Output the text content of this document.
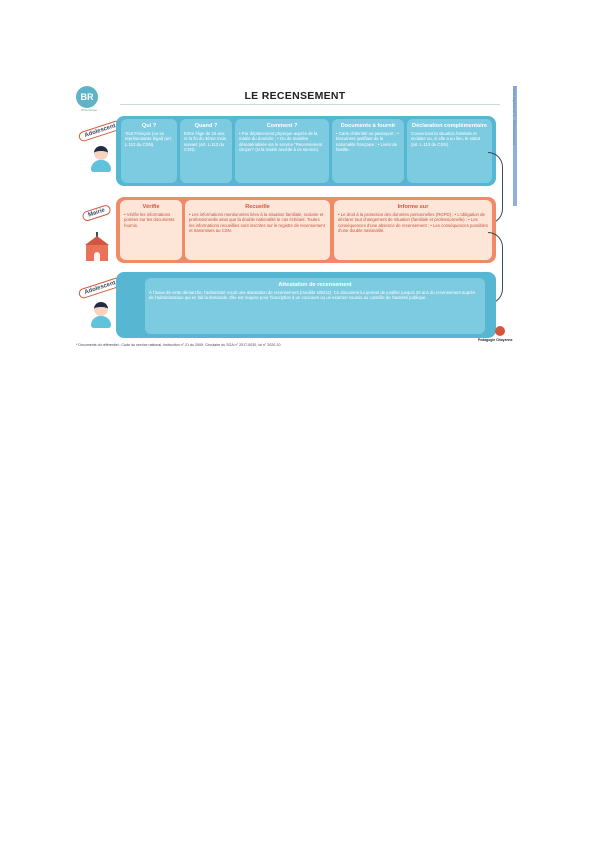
BR
bibliothèque
LE RECENSEMENT	Fiche repère n° 1 · Recensement
Adolescent	Qui ?

Tout Français (ou sa représentante légal) (art. L.113 du CSN).

Quand ?

Entre l'âge de 16 ans et la fin du 3ème mois suivant (art. L.113 du CSN).

Comment ?

• Par déplacement physique auprès de la mairie du domicile ; • Ou de manière dématérialisée via le service "Recensement citoyen" (si la mairie accède à ce service).

Documents à fournir

• Carte d'identité ou passeport ; • Document justifiant de la nationalité française ; • Livret de famille.

Déclaration complémentaire

Concernant la situation familiale et scolaire ou, si elle a eu lieu, le statut (art. L.113 du CSN).

Mairie
Vérifie

• Vérifie les informations portées sur les documents fournis.

Recueille

• Les informations mentionnées liées à la situation familiale, scolaire et professionnelle ainsi que la double nationalité le cas échéant. Toutes les informations recueillies sont inscrites sur le registre de recensement et transmises au CSN.

Informe sur

• Le droit à la protection des données personnelles (RGPD) ; • L'obligation de déclarer tout changement de situation (familiale et professionnelle) ; • Les conséquences d'une absence de recensement ; • Les conséquences possibles d'une double nationalité.

Adolescent	Attestation de recensement

À l'issue de cette démarche, l'administré reçoit une attestation de recensement (modèle 106/12). Ce document lui permet de justifier jusqu'à 25 ans du recensement auprès de l'administration qui en fait la demande. Elle est requise pour l'inscription à un concours ou un examen soumis au contrôle de l'autorité publique.

Pedagogie Citoyenne
* Documents du référentiel : Code du service national, Instruction n° 21 du 2009, Circulaire du SGA n° 2017-0030, loi n° 2020-20
